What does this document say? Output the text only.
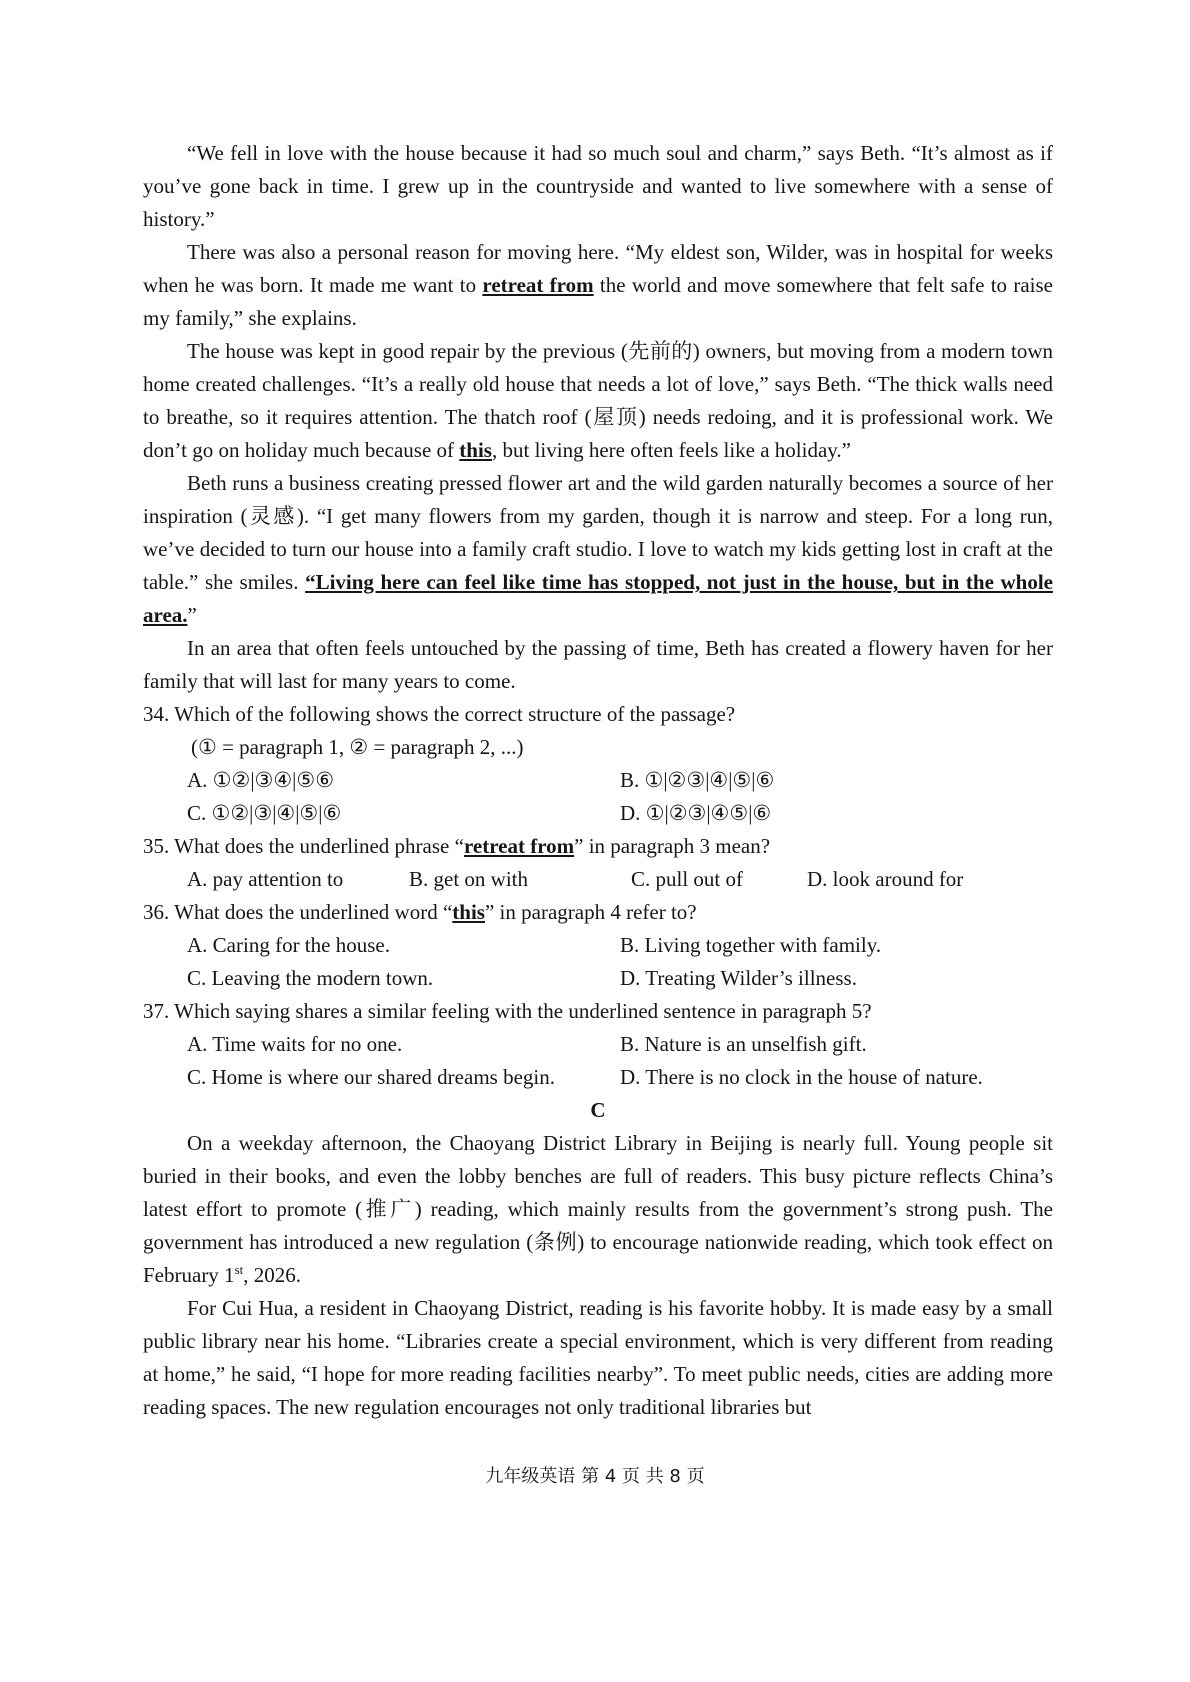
“We fell in love with the house because it had so much soul and charm,” says Beth. “It’s almost as if you’ve gone back in time. I grew up in the countryside and wanted to live somewhere with a sense of history.”

There was also a personal reason for moving here. “My eldest son, Wilder, was in hospital for weeks when he was born. It made me want to retreat from the world and move somewhere that felt safe to raise my family,” she explains.

The house was kept in good repair by the previous (先前的) owners, but moving from a modern town home created challenges. “It’s a really old house that needs a lot of love,” says Beth. “The thick walls need to breathe, so it requires attention. The thatch roof (屋顶) needs redoing, and it is professional work. We don’t go on holiday much because of this, but living here often feels like a holiday.”

Beth runs a business creating pressed flower art and the wild garden naturally becomes a source of her inspiration (灵感). “I get many flowers from my garden, though it is narrow and steep. For a long run, we’ve decided to turn our house into a family craft studio. I love to watch my kids getting lost in craft at the table.” she smiles. “Living here can feel like time has stopped, not just in the house, but in the whole area.”

In an area that often feels untouched by the passing of time, Beth has created a flowery haven for her family that will last for many years to come.

34. Which of the following shows the correct structure of the passage?

(① = paragraph 1, ② = paragraph 2, ...)
A. ①②|③④|⑤⑥	B. ①|②③|④|⑤|⑥
C. ①②|③|④|⑤|⑥	D. ①|②③|④⑤|⑥

35. What does the underlined phrase “retreat from” in paragraph 3 mean?

A. pay attention to	B. get on with	C. pull out of	D. look around for

36. What does the underlined word “this” in paragraph 4 refer to?

A. Caring for the house.	B. Living together with family.
C. Leaving the modern town.	D. Treating Wilder’s illness.

37. Which saying shares a similar feeling with the underlined sentence in paragraph 5?

A. Time waits for no one.	B. Nature is an unselfish gift.
C. Home is where our shared dreams begin.	D. There is no clock in the house of nature.
C

On a weekday afternoon, the Chaoyang District Library in Beijing is nearly full. Young people sit buried in their books, and even the lobby benches are full of readers. This busy picture reflects China’s latest effort to promote (推广) reading, which mainly results from the government’s strong push. The government has introduced a new regulation (条例) to encourage nationwide reading, which took effect on February 1st, 2026.

For Cui Hua, a resident in Chaoyang District, reading is his favorite hobby. It is made easy by a small public library near his home. “Libraries create a special environment, which is very different from reading at home,” he said, “I hope for more reading facilities nearby”. To meet public needs, cities are adding more reading spaces. The new regulation encourages not only traditional libraries but

九年级英语 第 4 页 共 8 页
